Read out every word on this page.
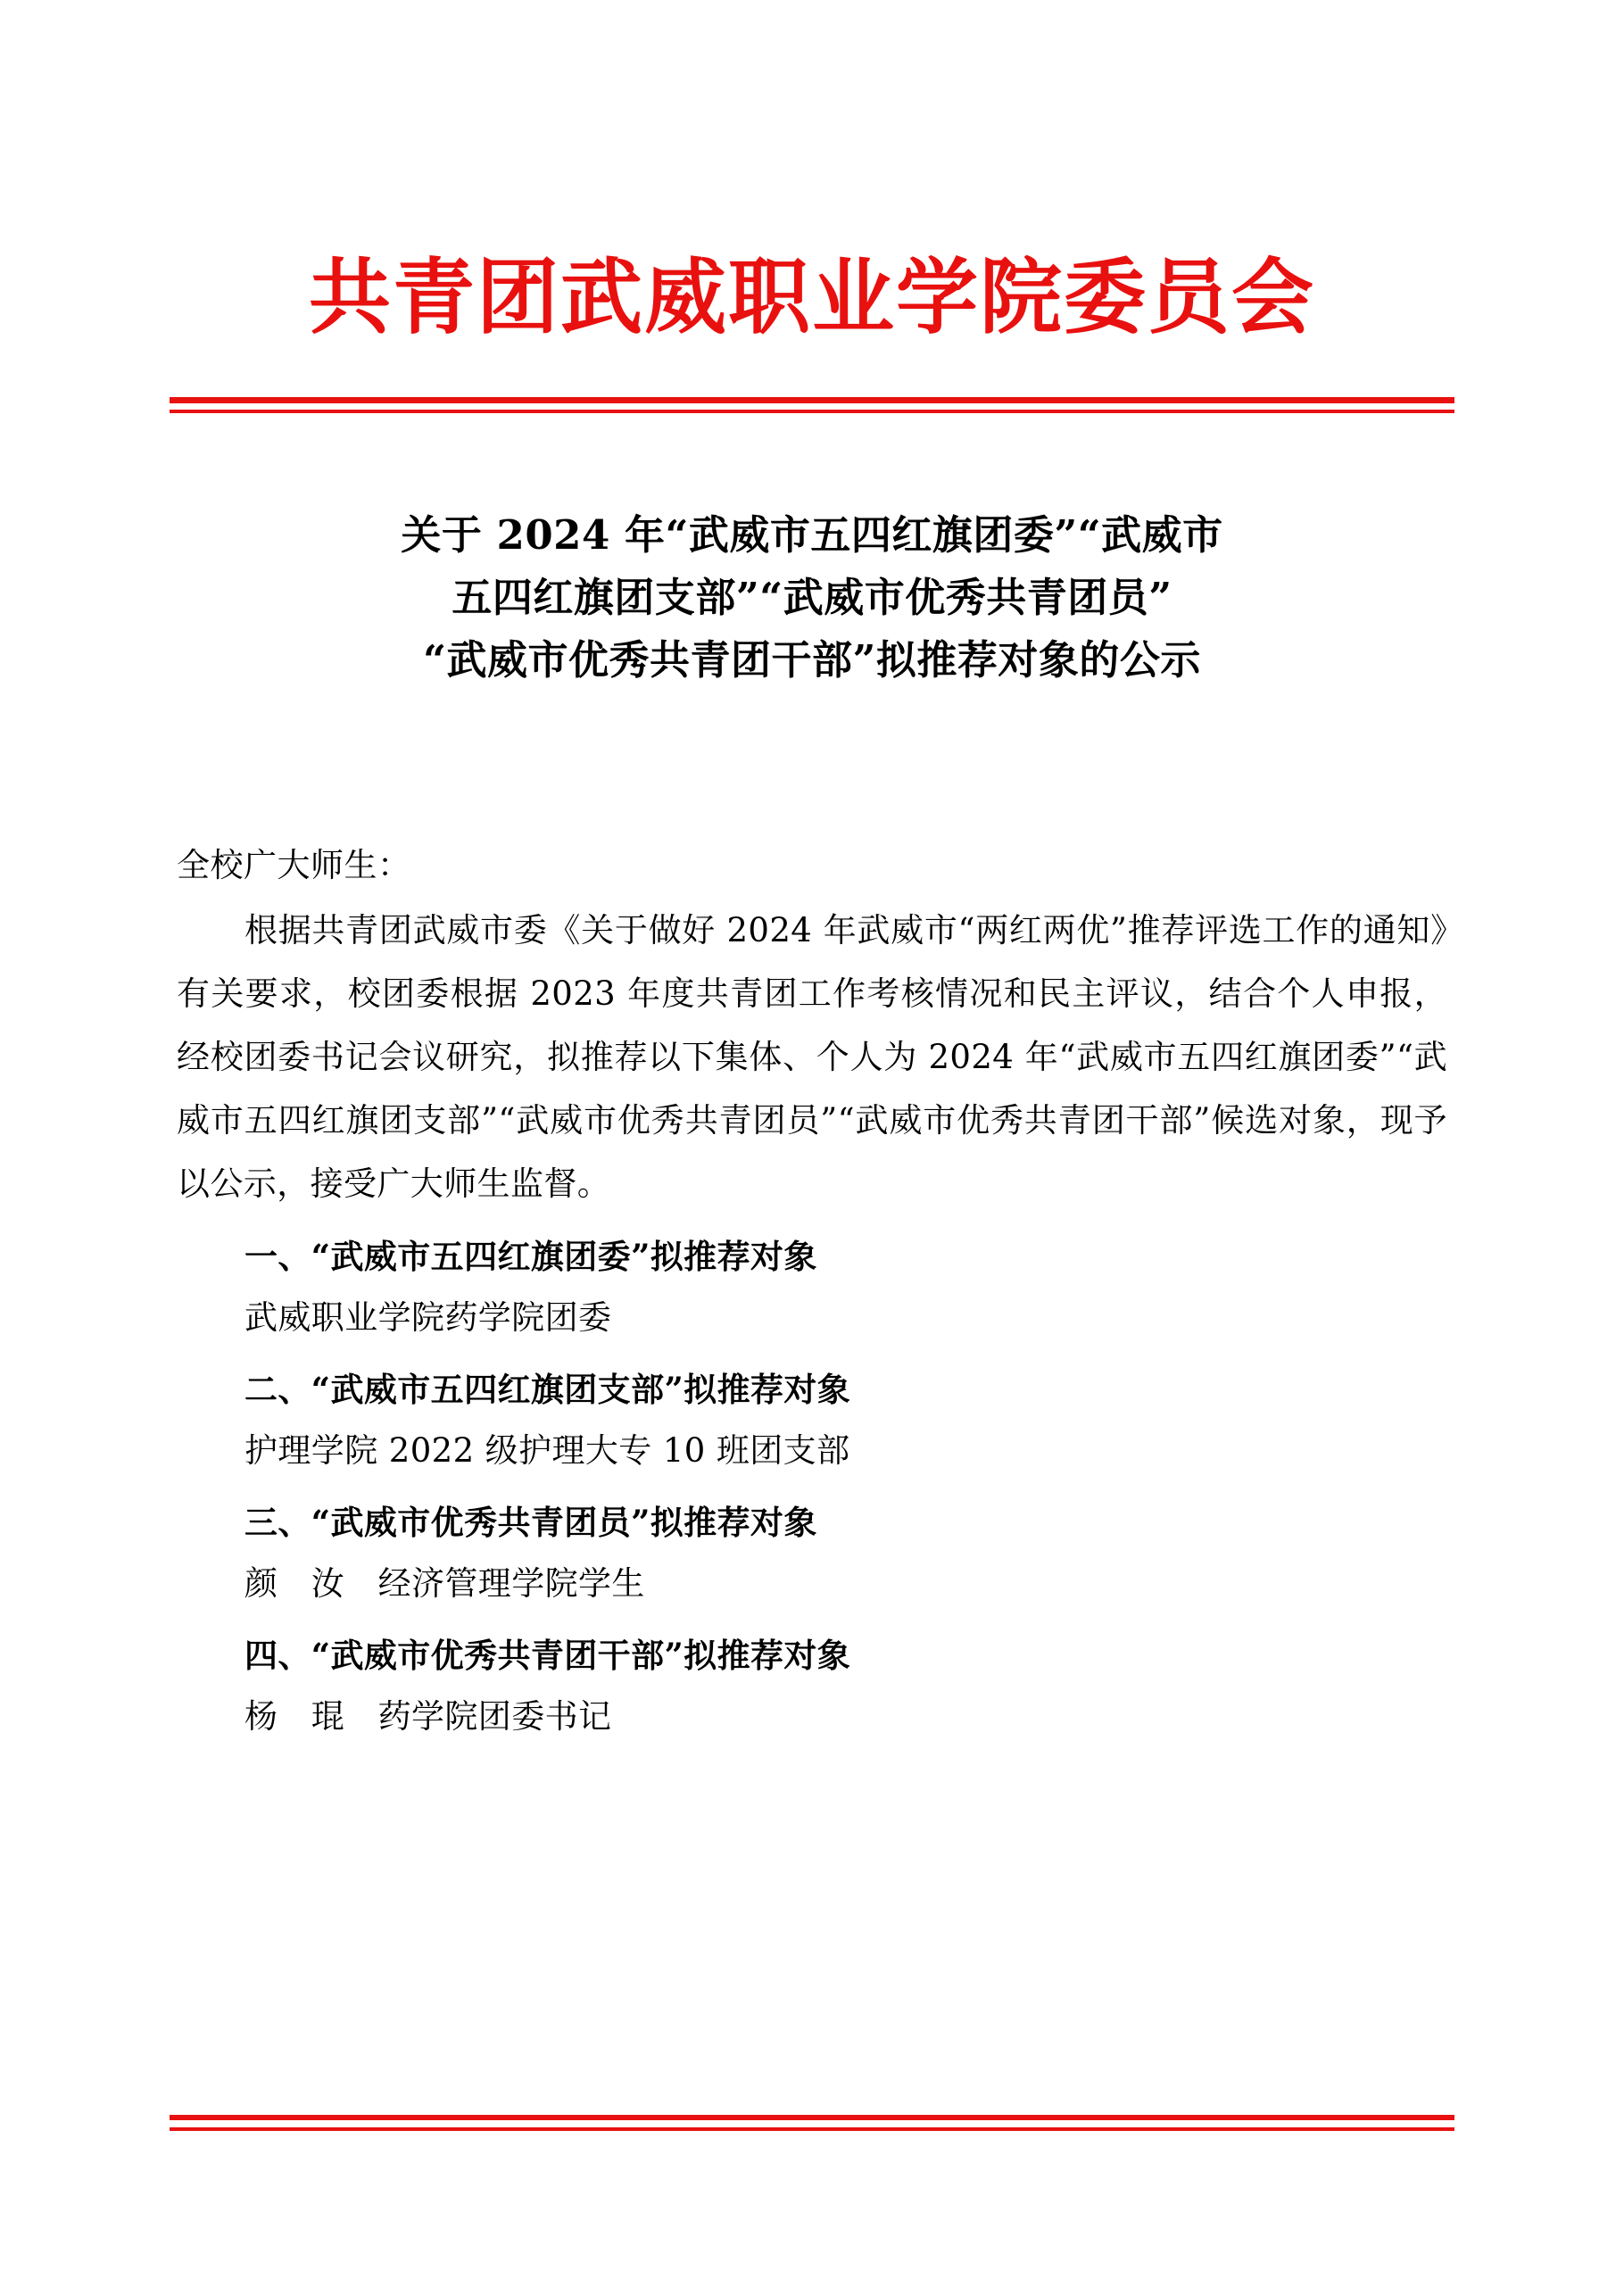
共青团武威职业学院委员会
关于 2024 年“武威市五四红旗团委”“武威市
五四红旗团支部”“武威市优秀共青团员”
“武威市优秀共青团干部”拟推荐对象的公示
全校广大师生：
根据共青团武威市委《关于做好 2024 年武威市“两红两优”推荐评选工作的通知》有关要求，校团委根据 2023 年度共青团工作考核情况和民主评议，结合个人申报，经校团委书记会议研究，拟推荐以下集体、个人为 2024 年“武威市五四红旗团委”“武威市五四红旗团支部”“武威市优秀共青团员”“武威市优秀共青团干部”候选对象，现予以公示，接受广大师生监督。
一、“武威市五四红旗团委”拟推荐对象
武威职业学院药学院团委
二、“武威市五四红旗团支部”拟推荐对象
护理学院 2022 级护理大专 10 班团支部
三、“武威市优秀共青团员”拟推荐对象
颜　汝　经济管理学院学生
四、“武威市优秀共青团干部”拟推荐对象
杨　琨　药学院团委书记
